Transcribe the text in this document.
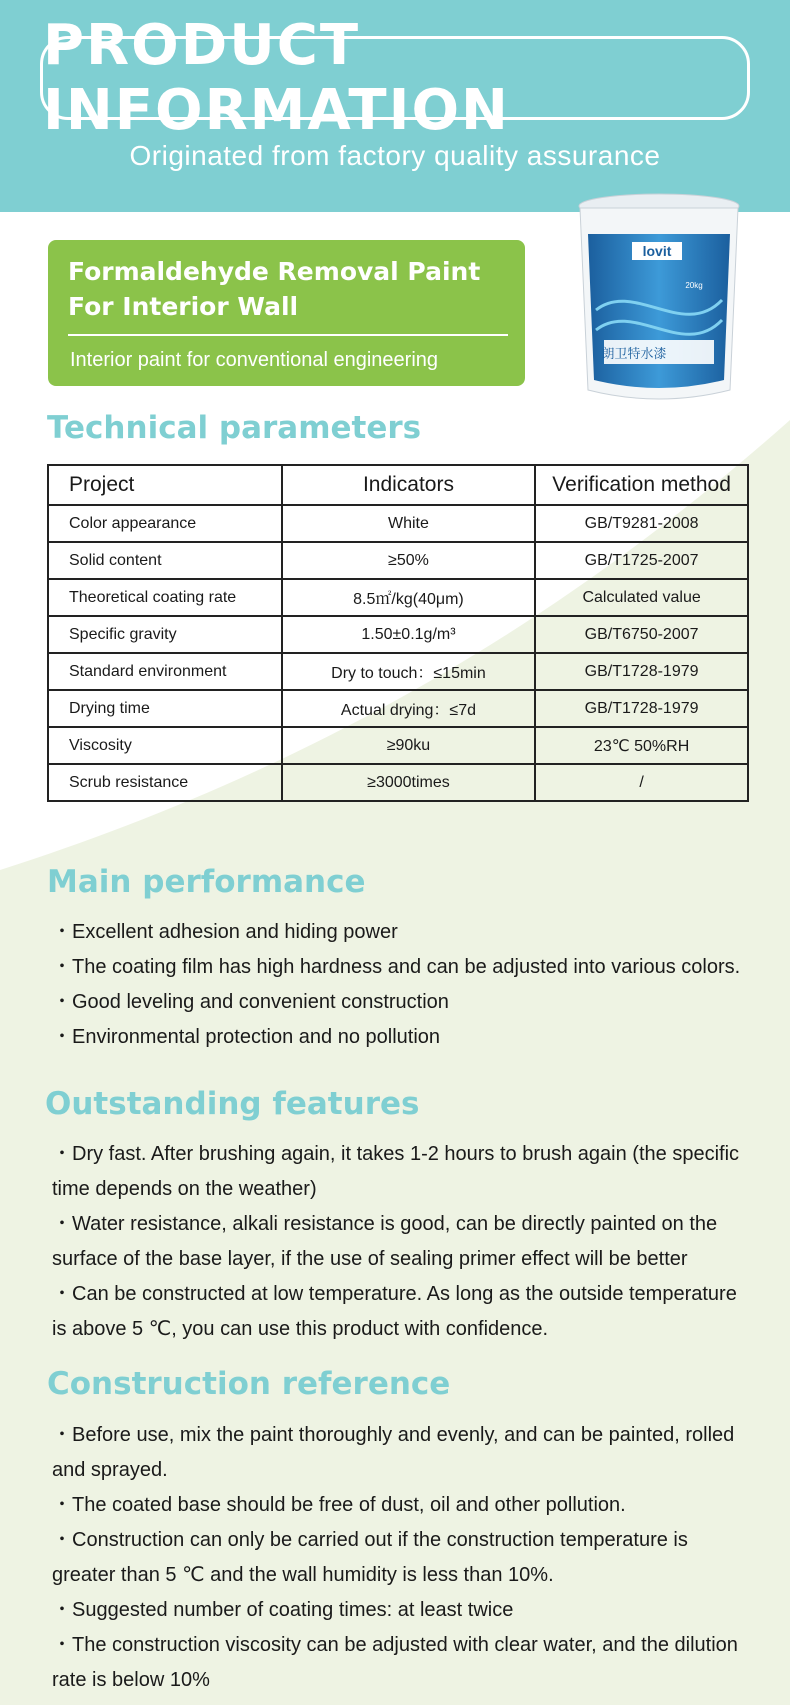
PRODUCT INFORMATION
Originated from factory quality assurance
Formaldehyde Removal Paint
For Interior Wall
Interior paint for conventional engineering
lovit
朗卫特水漆
20kg
Technical parameters
Project	Indicators	Verification method
Color appearance	White	GB/T9281-2008
Solid content	≥50%	GB/T1725-2007
Theoretical coating rate	8.5㎡/kg(40μm)	Calculated value
Specific gravity	1.50±0.1g/m³	GB/T6750-2007
Standard environment	Dry to touch：≤15min	GB/T1728-1979
Drying time	Actual drying：≤7d	GB/T1728-1979
Viscosity	≥90ku	23℃ 50%RH
Scrub resistance	≥3000times	/
Main performance
・Excellent adhesion and hiding power
・The coating film has high hardness and can be adjusted into various colors.
・Good leveling and convenient construction
・Environmental protection and no pollution
Outstanding features

・Dry fast. After brushing again, it takes 1-2 hours to brush again (the specific time depends on the weather)

・Water resistance, alkali resistance is good, can be directly painted on the surface of the base layer, if the use of sealing primer effect will be better

・Can be constructed at low temperature. As long as the outside temperature is above 5 ℃, you can use this product with confidence.

Construction reference

・Before use, mix the paint thoroughly and evenly, and can be painted, rolled and sprayed.

・The coated base should be free of dust, oil and other pollution.

・Construction can only be carried out if the construction temperature is greater than 5 ℃ and the wall humidity is less than 10%.

・Suggested number of coating times: at least twice

・The construction viscosity can be adjusted with clear water, and the dilution rate is below 10%
